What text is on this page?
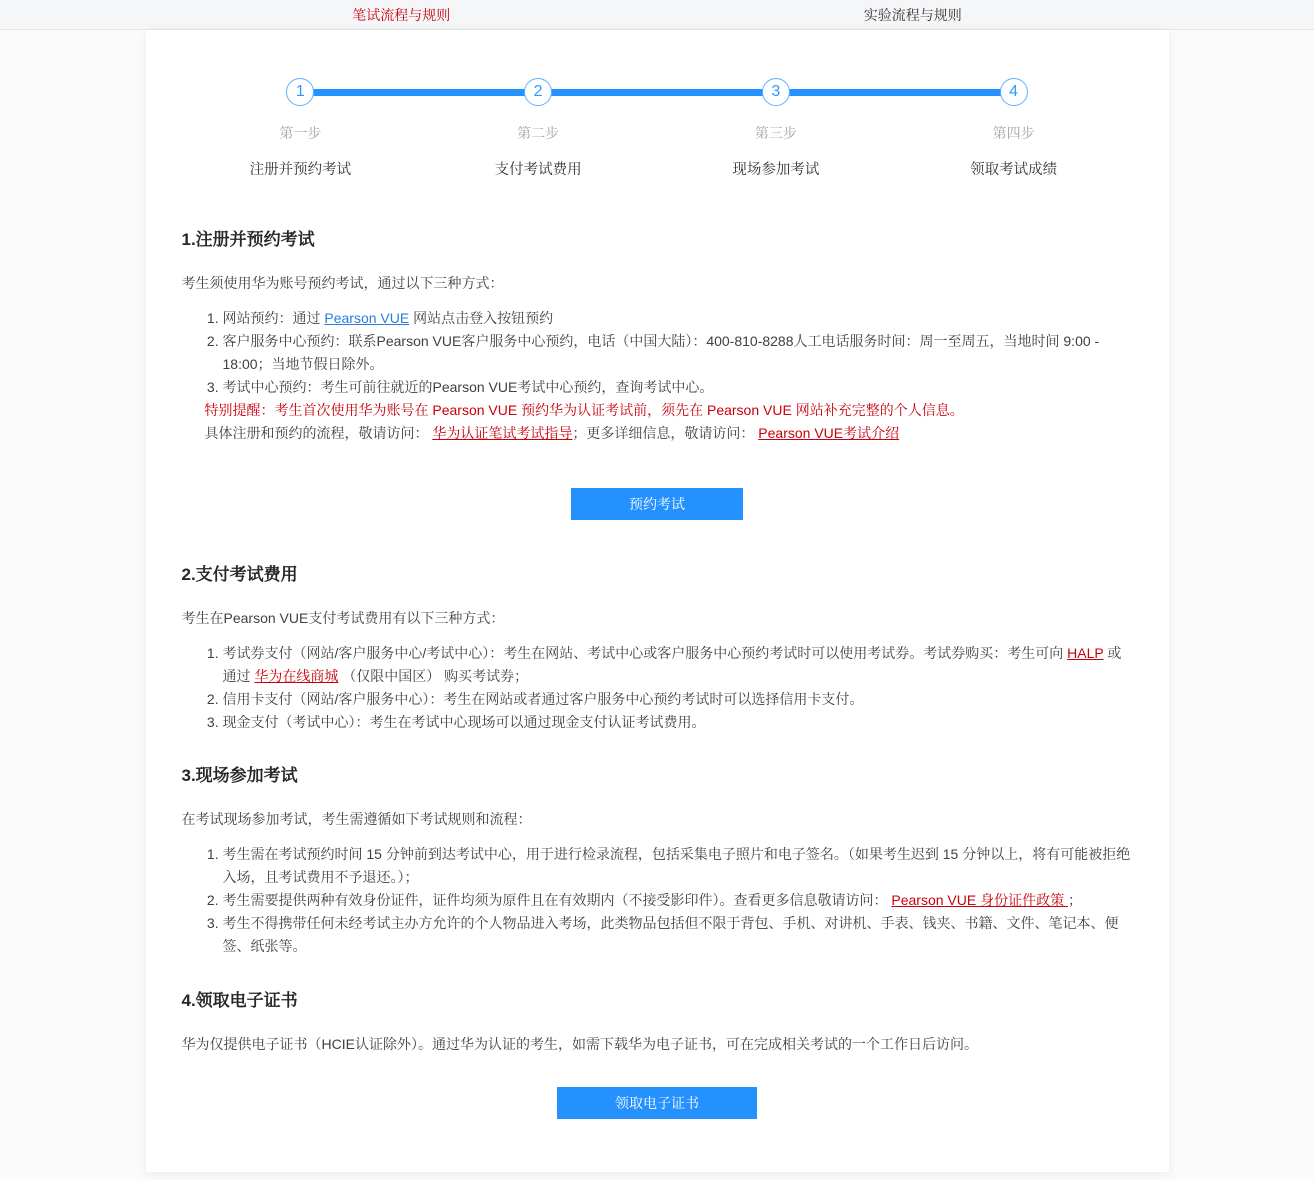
笔试流程与规则	实验流程与规则
1
第一步
注册并预约考试
2
第二步
支付考试费用
3
第三步
现场参加考试
4
第四步
领取考试成绩
1.注册并预约考试

考生须使用华为账号预约考试，通过以下三种方式：

1. 网站预约：通过 Pearson VUE 网站点击登入按钮预约
2. 客户服务中心预约：联系Pearson VUE客户服务中心预约，电话（中国大陆）：400-810-8288人工电话服务时间：周一至周五，当地时间 9:00 - 18:00；当地节假日除外。
3. 考试中心预约：考生可前往就近的Pearson VUE考试中心预约，查询考试中心。
特别提醒：考生首次使用华为账号在 Pearson VUE 预约华为认证考试前，须先在 Pearson VUE 网站补充完整的个人信息。
具体注册和预约的流程，敬请访问： 华为认证笔试考试指导；更多详细信息，敬请访问： Pearson VUE考试介绍
预约考试
2.支付考试费用

考生在Pearson VUE支付考试费用有以下三种方式：

1. 考试券支付（网站/客户服务中心/考试中心）：考生在网站、考试中心或客户服务中心预约考试时可以使用考试券。考试券购买：考生可向 HALP 或通过 华为在线商城 （仅限中国区） 购买考试券；
2. 信用卡支付（网站/客户服务中心）：考生在网站或者通过客户服务中心预约考试时可以选择信用卡支付。
3. 现金支付（考试中心）：考生在考试中心现场可以通过现金支付认证考试费用。
3.现场参加考试

在考试现场参加考试，考生需遵循如下考试规则和流程：

1. 考生需在考试预约时间 15 分钟前到达考试中心，用于进行检录流程，包括采集电子照片和电子签名。（如果考生迟到 15 分钟以上，将有可能被拒绝入场，且考试费用不予退还。）；
2. 考生需要提供两种有效身份证件，证件均须为原件且在有效期内（不接受影印件）。查看更多信息敬请访问： Pearson VUE 身份证件政策 ；
3. 考生不得携带任何未经考试主办方允许的个人物品进入考场，此类物品包括但不限于背包、手机、对讲机、手表、钱夹、书籍、文件、笔记本、便签、纸张等。
4.领取电子证书

华为仅提供电子证书（HCIE认证除外）。通过华为认证的考生，如需下载华为电子证书，可在完成相关考试的一个工作日后访问。

领取电子证书
